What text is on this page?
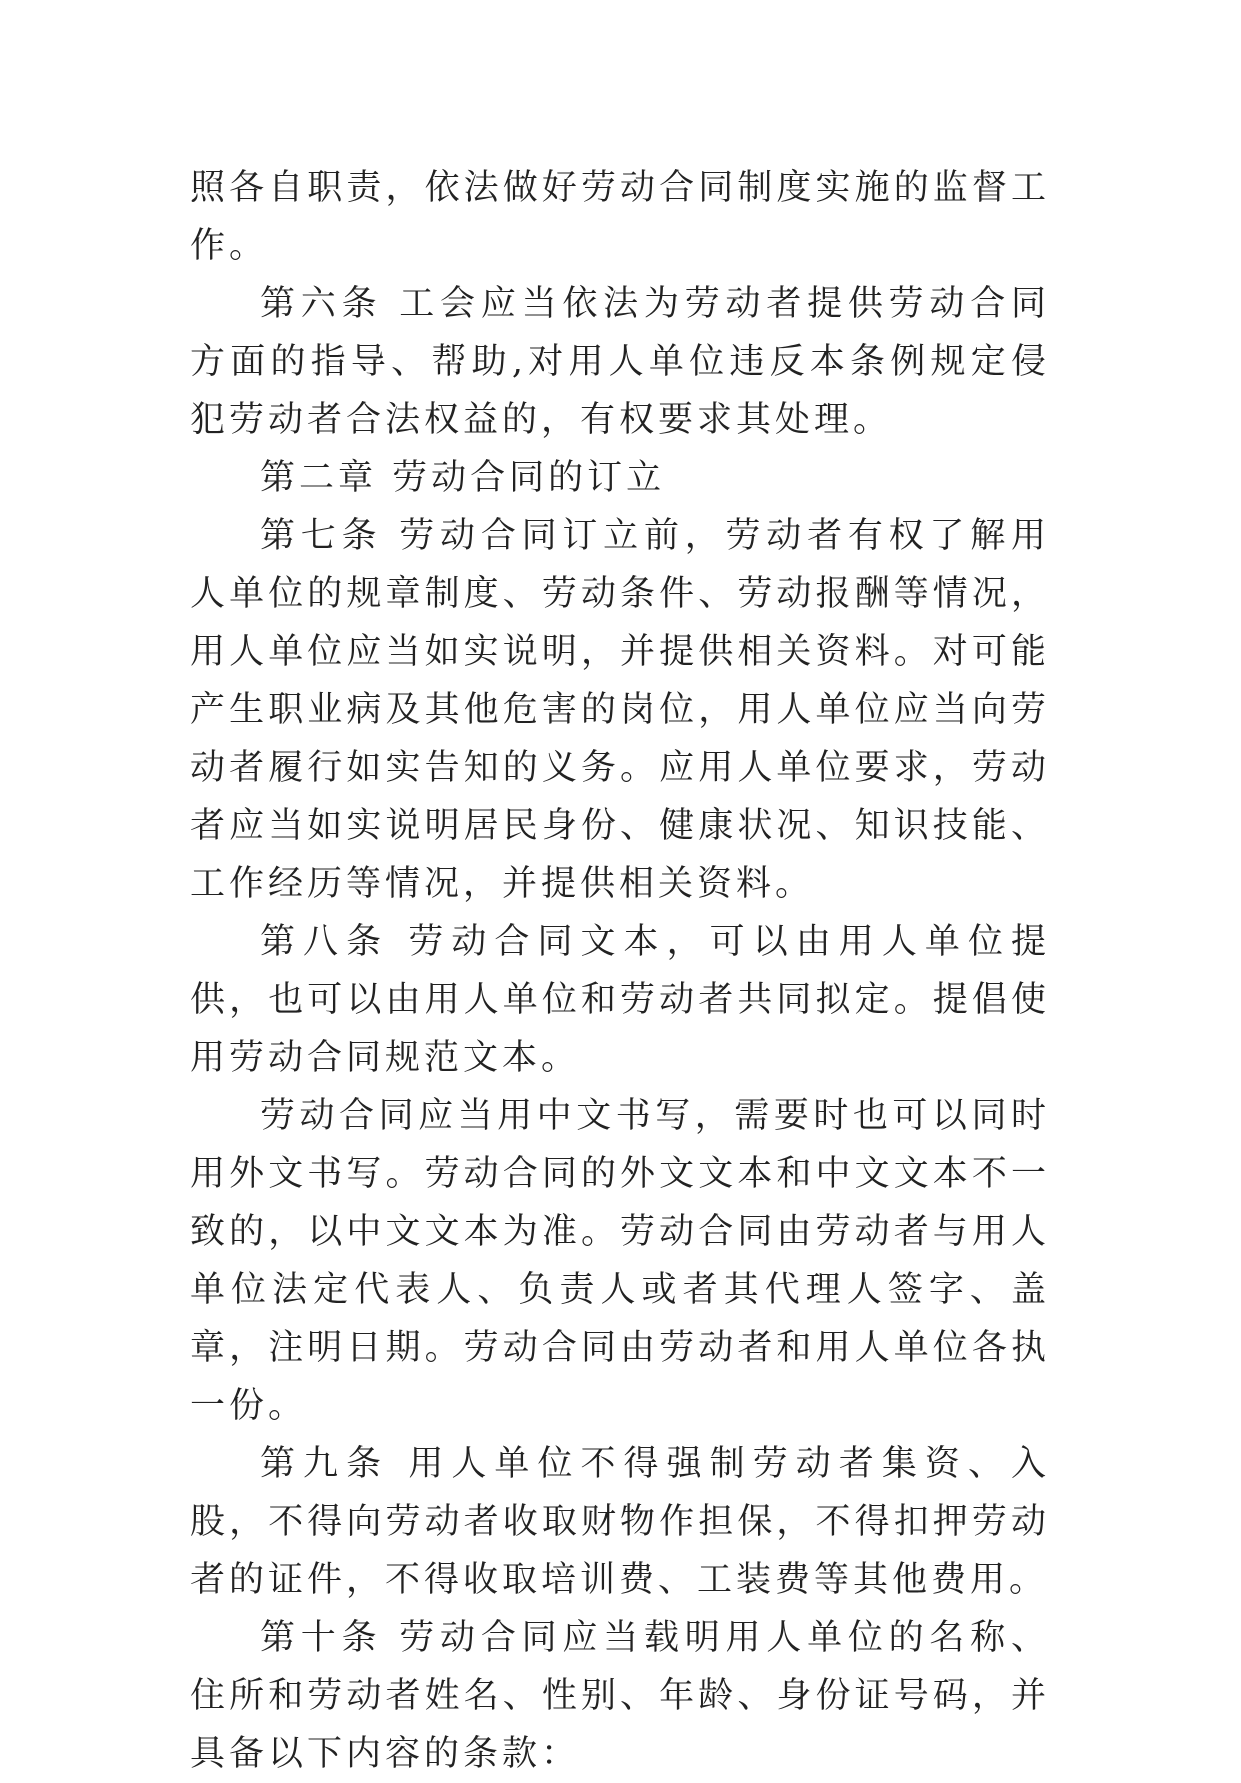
照各自职责，依法做好劳动合同制度实施的监督工作。

第六条 工会应当依法为劳动者提供劳动合同方面的指导、帮助,对用人单位违反本条例规定侵犯劳动者合法权益的，有权要求其处理。

第二章 劳动合同的订立

第七条 劳动合同订立前，劳动者有权了解用人单位的规章制度、劳动条件、劳动报酬等情况，用人单位应当如实说明，并提供相关资料。对可能产生职业病及其他危害的岗位，用人单位应当向劳动者履行如实告知的义务。应用人单位要求，劳动者应当如实说明居民身份、健康状况、知识技能、工作经历等情况，并提供相关资料。

第八条 劳动合同文本，可以由用人单位提供，也可以由用人单位和劳动者共同拟定。提倡使用劳动合同规范文本。

劳动合同应当用中文书写，需要时也可以同时用外文书写。劳动合同的外文文本和中文文本不一致的，以中文文本为准。劳动合同由劳动者与用人单位法定代表人、负责人或者其代理人签字、盖章，注明日期。劳动合同由劳动者和用人单位各执一份。

第九条 用人单位不得强制劳动者集资、入股，不得向劳动者收取财物作担保，不得扣押劳动者的证件，不得收取培训费、工装费等其他费用。

第十条 劳动合同应当载明用人单位的名称、住所和劳动者姓名、性别、年龄、身份证号码，并具备以下内容的条款：
